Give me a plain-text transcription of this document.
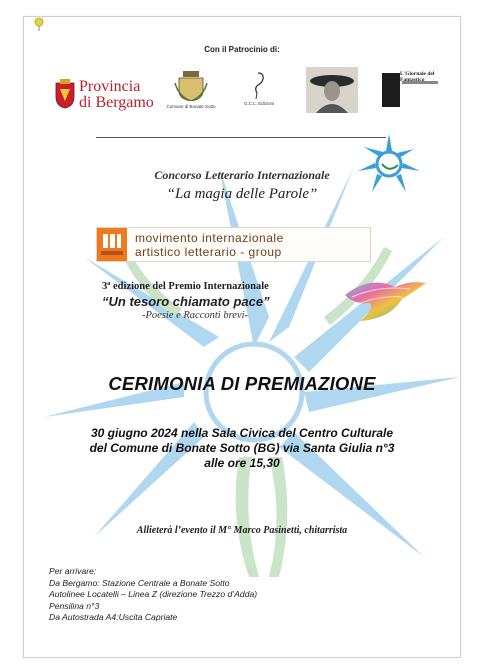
Con il Patrocinio di:
Provincia
di Bergamo	Comune di Bonate Sotto
G.C.L. Edizioni
L'Giornale del Fantastico
Concorso Letterario Internazionale
“La magia delle Parole”
movimento internazionale
artistico letterario - group
3ª edizione del Premio Internazionale
“Un tesoro chiamato pace”
-Poesie e Racconti brevi-
CERIMONIA DI PREMIAZIONE
30 giugno 2024 nella Sala Civica del Centro Culturale
del Comune di Bonate Sotto (BG) via Santa Giulia n°3
alle ore 15,30
Allieterà l’evento il M° Marco Pasinetti, chitarrista
Per arrivare:
Da Bergamo: Stazione Centrale a Bonate Sotto
Autolinee Locatelli – Linea Z (direzione Trezzo d’Adda)
Pensilina n°3
Da Autostrada A4:Uscita Capriate
